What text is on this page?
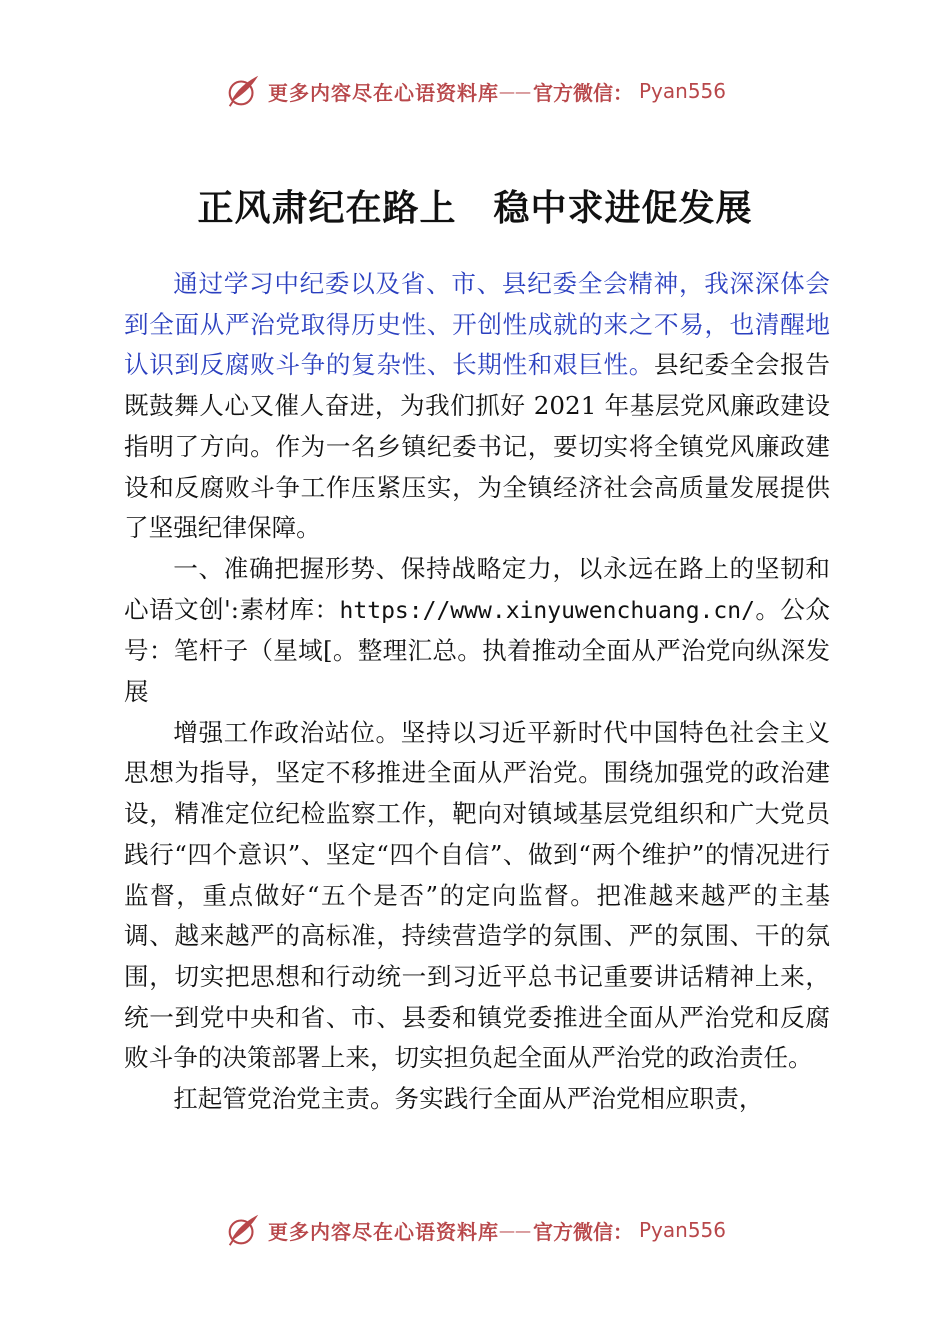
更多内容尽在心语资料库 —— 官方微信： Pyan556
正风肃纪在路上　稳中求进促发展

通过学习中纪委以及省、市、县纪委全会精神，我深深体会到全面从严治党取得历史性、开创性成就的来之不易，也清醒地认识到反腐败斗争的复杂性、长期性和艰巨性。县纪委全会报告既鼓舞人心又催人奋进，为我们抓好 2021 年基层党风廉政建设指明了方向。作为一名乡镇纪委书记，要切实将全镇党风廉政建设和反腐败斗争工作压紧压实，为全镇经济社会高质量发展提供了坚强纪律保障。

一、准确把握形势、保持战略定力，以永远在路上的坚韧和心语文创':素材库：https://www.xinyuwenchuang.cn/。公众号：笔杆子（星域[。整理汇总。执着推动全面从严治党向纵深发展

增强工作政治站位。坚持以习近平新时代中国特色社会主义思想为指导，坚定不移推进全面从严治党。围绕加强党的政治建设，精准定位纪检监察工作，靶向对镇域基层党组织和广大党员践行“四个意识”、坚定“四个自信”、做到“两个维护”的情况进行监督，重点做好“五个是否”的定向监督。把准越来越严的主基调、越来越严的高标准，持续营造学的氛围、严的氛围、干的氛围，切实把思想和行动统一到习近平总书记重要讲话精神上来，统一到党中央和省、市、县委和镇党委推进全面从严治党和反腐败斗争的决策部署上来，切实担负起全面从严治党的政治责任。

扛起管党治党主责。务实践行全面从严治党相应职责，

更多内容尽在心语资料库 —— 官方微信： Pyan556
